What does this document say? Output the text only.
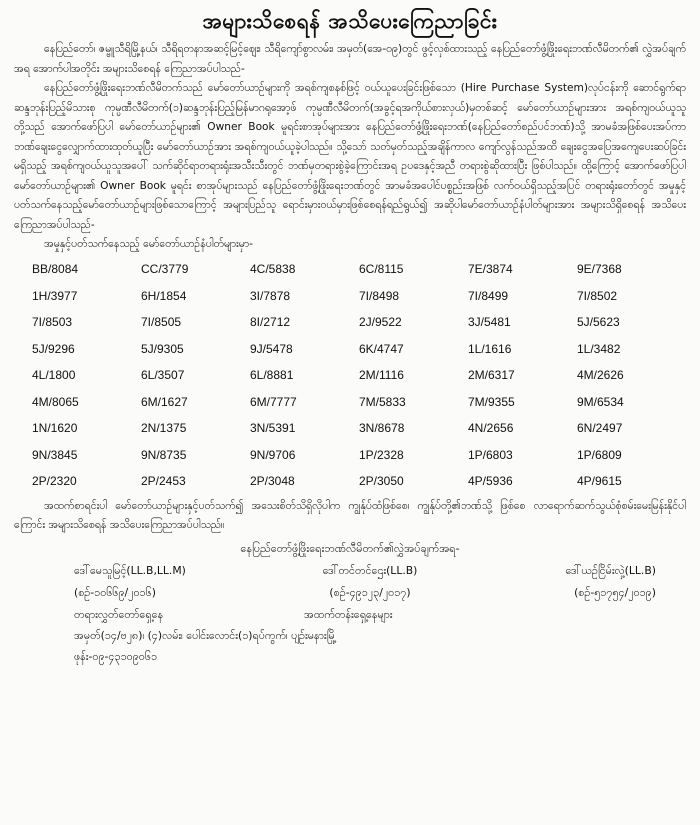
အများသိစေရန် အသိပေးကြေညာခြင်း

နေပြည်တော်၊ ဇမ္ဗူသီရိမြို့နယ်၊ သီရိရတနာအဆင့်မြင့်ဈေး၊ သီရိကျော်စွာလမ်း၊ အမှတ်(အေ-၀၉)တွင် ဖွင့်လှစ်ထားသည့် နေပြည်တော်ဖွံ့ဖြိုးရေးဘဏ်လီမိတက်၏ လွှဲအပ်ချက်အရ အောက်ပါအတိုင်း အများသိစေရန် ကြေညာအပ်ပါသည်-

နေပြည်တော်ဖွံ့ဖြိုးရေးဘဏ်လီမိတက်သည် မော်တော်ယာဉ်များကို အရစ်ကျစနစ်ဖြင့် ဝယ်ယူပေးခြင်းဖြစ်သော (Hire Purchase System)လုပ်ငန်းကို ဆောင်ရွက်ရာ ဆန္ဒဘုန်းပြည့်မိသားစု ကုမ္ပဏီလီမိတက်(၁)ဆန္ဒဘုန်းပြည့်မြန်မာဂရုအော့ဖ် ကုမ္ပဏီလီမိတက်(အခွင့်ရအကိုယ်စားလှယ်)မှတစ်ဆင့် မော်တော်ယာဉ်များအား အရစ်ကျဝယ်ယူသူတို့သည် အောက်ဖော်ပြပါ မော်တော်ယာဉ်များ၏ Owner Book မူရင်းစာအုပ်များအား နေပြည်တော်ဖွံ့ဖြိုးရေးဘဏ်(နေပြည်တော်စည်ပင်ဘဏ်)သို့ အာမခံအဖြစ်ပေးအပ်ကာ ဘဏ်ချေးငွေလျှောက်ထားထုတ်ယူပြီး မော်တော်ယာဉ်အား အရစ်ကျဝယ်ယူခဲ့ပါသည်။ သို့သော် သတ်မှတ်သည့်အချိန်ကာလ ကျော်လွန်သည်အထိ ချေးငွေအပြေအကျေပေးဆပ်ခြင်းမရှိသည့် အရစ်ကျဝယ်ယူသူအပေါ် သက်ဆိုင်ရာတရားရုံးအသီးသီးတွင် ဘဏ်မှတရားစွဲခဲ့ကြောင်းအရ ဥပဒေနှင့်အညီ တရားစွဲဆိုထားပြီး ဖြစ်ပါသည်။ ထို့ကြောင့် အောက်ဖော်ပြပါ မော်တော်ယာဉ်များ၏ Owner Book မူရင်း စာအုပ်များသည် နေပြည်တော်ဖွံ့ဖြိုးရေးဘဏ်တွင် အာမခံအပေါင်ပစ္စည်းအဖြစ် လက်ဝယ်ရှိသည့်အပြင် တရားရုံးတော်တွင် အမှုနှင့်ပတ်သက်နေသည့်မော်တော်ယာဉ်များဖြစ်သောကြောင့် အများပြည်သူ ရောင်းမှားဝယ်မှားဖြစ်စေရန်ရည်ရွယ်၍ အဆိုပါမော်တော်ယာဉ်နံပါတ်များအား အများသိရှိစေရန် အသိပေးကြေညာအပ်ပါသည်-

အမှုနှင့်ပတ်သက်နေသည့် မော်တော်ယာဉ်နံပါတ်များမှာ-

BB/8084	CC/3779	4C/5838	6C/8115	7E/3874	9E/7368
1H/3977	6H/1854	3I/7878	7I/8498	7I/8499	7I/8502
7I/8503	7I/8505	8I/2712	2J/9522	3J/5481	5J/5623
5J/9296	5J/9305	9J/5478	6K/4747	1L/1616	1L/3482
4L/1800	6L/3507	6L/8881	2M/1116	2M/6317	4M/2626
4M/8065	6M/1627	6M/7777	7M/5833	7M/9355	9M/6534
1N/1620	2N/1375	3N/5391	3N/8678	4N/2656	6N/2497
9N/3845	9N/8735	9N/9706	1P/2328	1P/6803	1P/6809
2P/2320	2P/2453	2P/3048	2P/3050	4P/5936	4P/9615

အထက်စာရင်းပါ မော်တော်ယာဉ်များနှင့်ပတ်သက်၍ အသေးစိတ်သိရှိလိုပါက ကျွန်ုပ်ထံဖြစ်စေ၊ ကျွန်ုပ်တို့၏ဘဏ်သို့ ဖြစ်စေ လာရောက်ဆက်သွယ်စုံစမ်းမေးမြန်းနိုင်ပါကြောင်း အများသိစေရန် အသိပေးကြေညာအပ်ပါသည်။

နေပြည်တော်ဖွံ့ဖြိုးရေးဘဏ်လီမိတက်၏လွှဲအပ်ချက်အရ-
ဒေါ်မေသူမြင့်(LL.B,LL.M)
(စဉ်-၁၀၆၆၉/၂၀၁၆)
ဒေါ်တင်တင်ဌေး(LL.B)
(စဉ်-၄၉၁၂၃/၂၀၁၇)
ဒေါ်ယဉ်ငြိမ်းလှဲ့(LL.B)
(စဉ်-၅၁၇၅၄/၂၀၁၉)
တရားလွှတ်တော်ရှေ့နေ	အထက်တန်းရှေ့နေများ

အမှတ်(၁၄/ဗ၂၈)၊ (၄)လမ်း၊ ပေါင်းလောင်း(၁)ရပ်ကွက်၊ ပျဉ်းမနားမြို့

ဖုန်း-၀၉-၄၃၁၀၉၀၆၁
